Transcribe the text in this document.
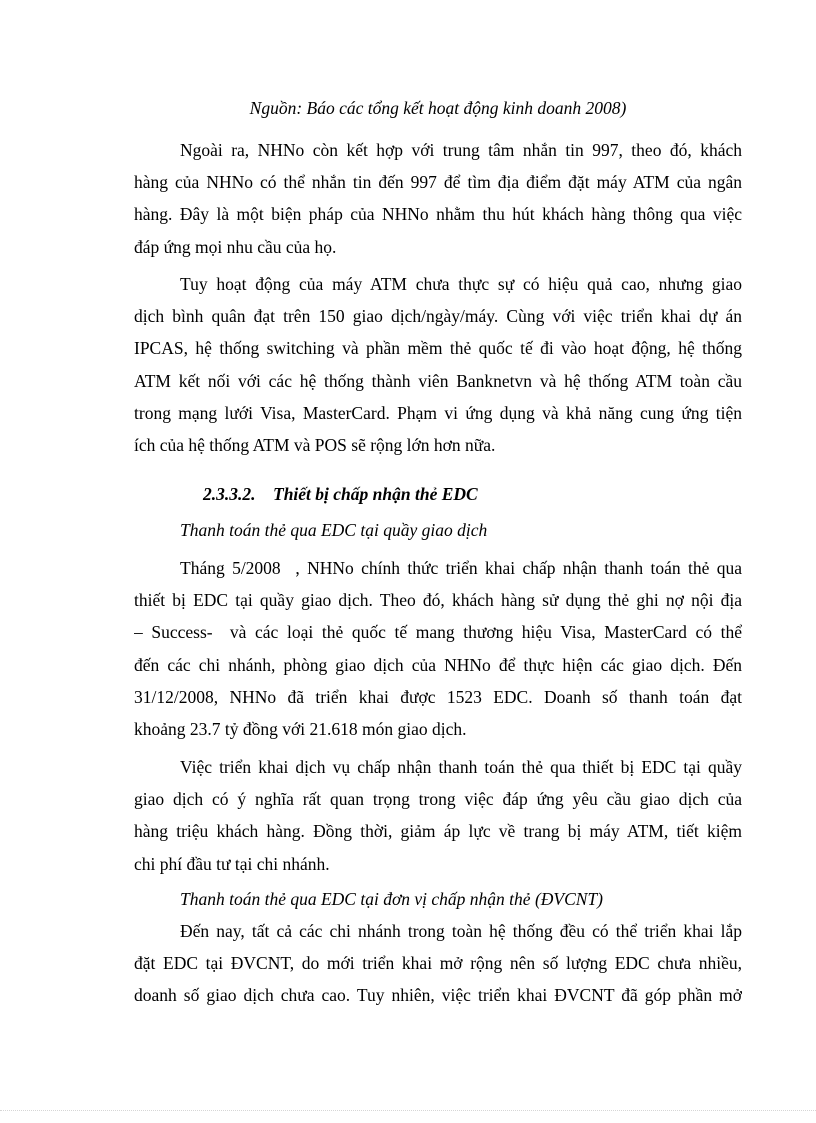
Nguồn: Báo các tổng kết hoạt động kinh doanh 2008)
Ngoài ra, NHNo còn kết hợp với trung tâm nhắn tin 997, theo đó, khách
hàng của NHNo có thể nhắn tin đến 997 để tìm địa điểm đặt máy ATM của ngân
hàng. Đây là một biện pháp của NHNo nhằm thu hút khách hàng thông qua việc
đáp ứng mọi nhu cầu của họ.
Tuy hoạt động của máy ATM chưa thực sự có hiệu quả cao, nhưng giao
dịch bình quân đạt trên 150 giao dịch/ngày/máy. Cùng với việc triển khai dự án
IPCAS, hệ thống switching và phần mềm thẻ quốc tế đi vào hoạt động, hệ thống
ATM kết nối với các hệ thống thành viên Banknetvn và hệ thống ATM toàn cầu
trong mạng lưới Visa, MasterCard. Phạm vi ứng dụng và khả năng cung ứng tiện
ích của hệ thống ATM và POS sẽ rộng lớn hơn nữa.
2.3.3.2.    Thiết bị chấp nhận thẻ EDC
Thanh toán thẻ qua EDC tại quầy giao dịch
Tháng 5/2008  , NHNo chính thức triển khai chấp nhận thanh toán thẻ qua
thiết bị EDC tại quầy giao dịch. Theo đó, khách hàng sử dụng thẻ ghi nợ nội địa
– Success-  và các loại thẻ quốc tế mang thương hiệu Visa, MasterCard có thể
đến các chi nhánh, phòng giao dịch của NHNo để thực hiện các giao dịch. Đến
31/12/2008, NHNo đã triển khai được 1523 EDC. Doanh số thanh toán đạt
khoảng 23.7 tỷ đồng với 21.618 món giao dịch.
Việc triển khai dịch vụ chấp nhận thanh toán thẻ qua thiết bị EDC tại quầy
giao dịch có ý nghĩa rất quan trọng trong việc đáp ứng yêu cầu giao dịch của
hàng triệu khách hàng. Đồng thời, giảm áp lực về trang bị máy ATM, tiết kiệm
chi phí đầu tư tại chi nhánh.
Thanh toán thẻ qua EDC tại đơn vị chấp nhận thẻ (ĐVCNT)
Đến nay, tất cả các chi nhánh trong toàn hệ thống đều có thể triển khai lắp
đặt EDC tại ĐVCNT, do mới triển khai mở rộng nên số lượng EDC chưa nhiều,
doanh số giao dịch chưa cao. Tuy nhiên, việc triển khai ĐVCNT đã góp phần mở
